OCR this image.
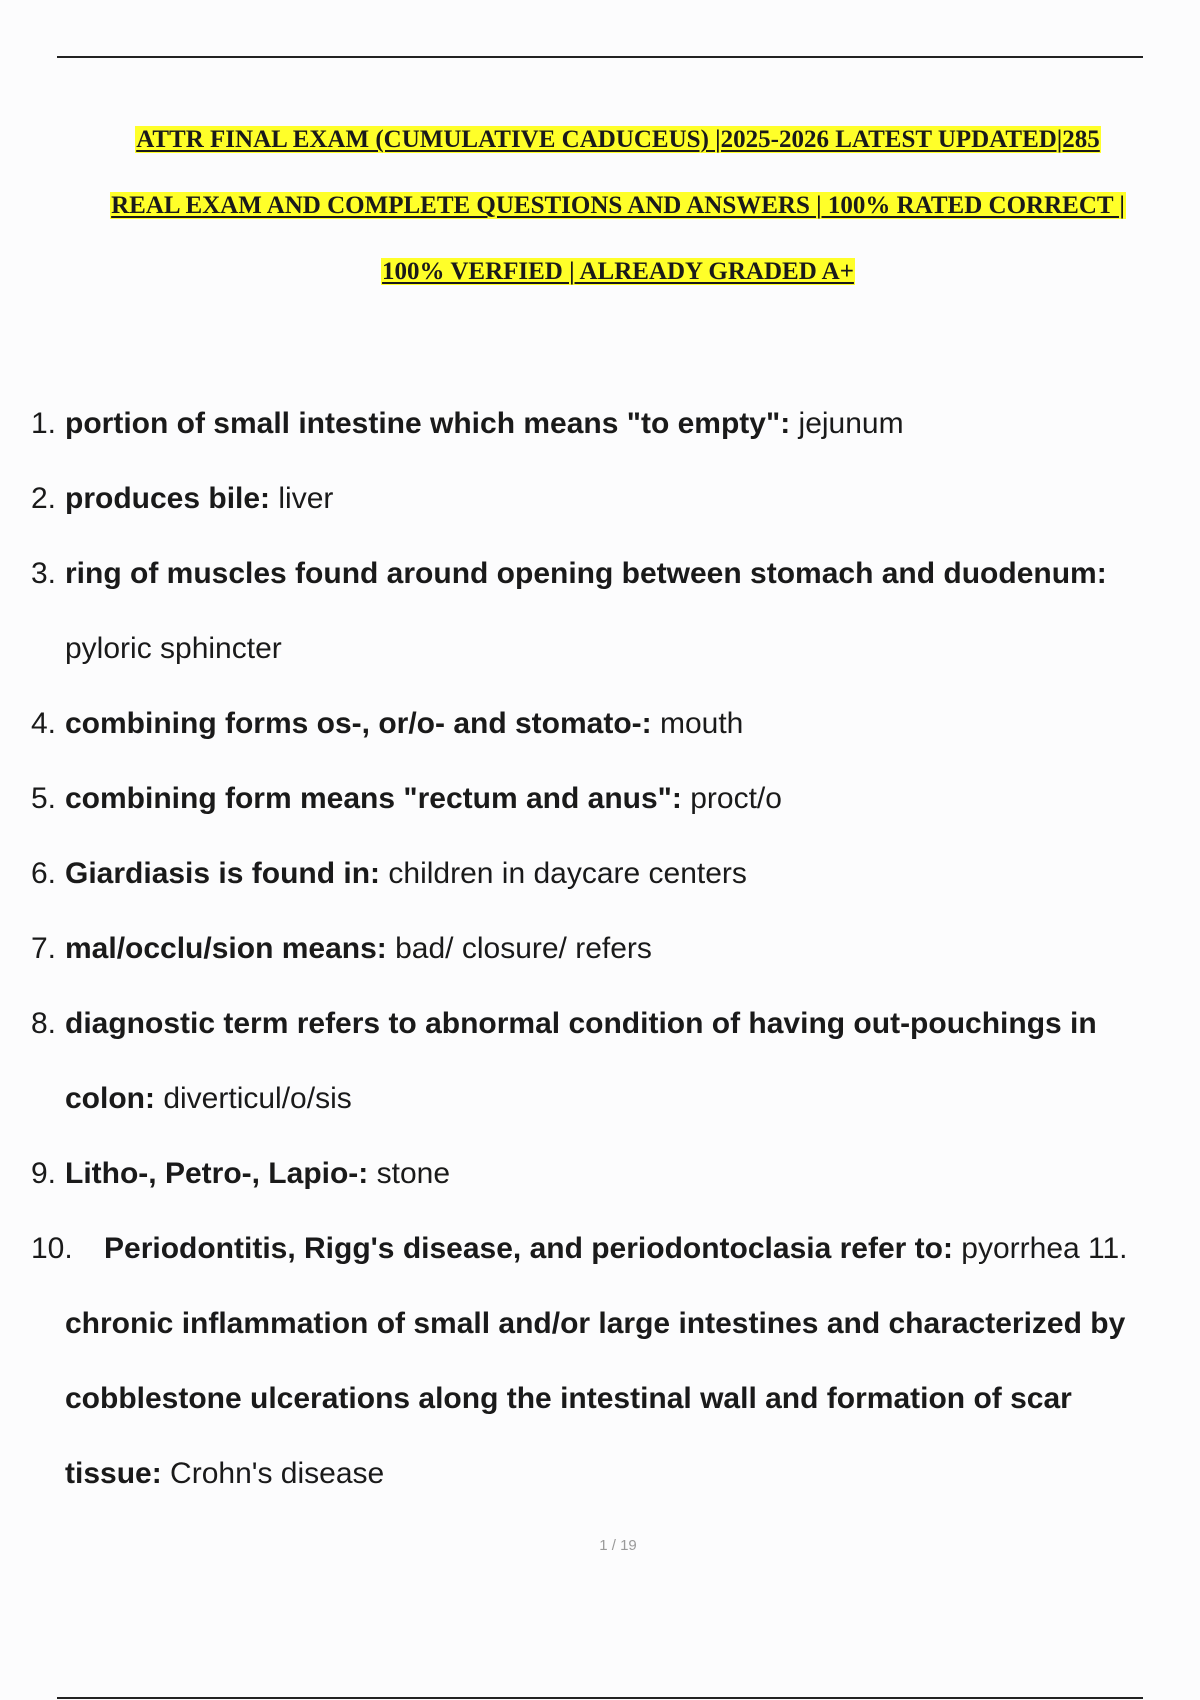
ATTR FINAL EXAM (CUMULATIVE CADUCEUS) |2025-2026 LATEST UPDATED|285
REAL EXAM AND COMPLETE QUESTIONS AND ANSWERS | 100% RATED CORRECT |
100% VERFIED | ALREADY GRADED A+
1. portion of small intestine which means "to empty": jejunum
2. produces bile: liver
3. ring of muscles found around opening between stomach and duodenum:
pyloric sphincter
4. combining forms os-, or/o- and stomato-: mouth
5. combining form means "rectum and anus": proct/o
6. Giardiasis is found in: children in daycare centers
7. mal/occlu/sion means: bad/ closure/ refers
8. diagnostic term refers to abnormal condition of having out-pouchings in
colon: diverticul/o/sis
9. Litho-, Petro-, Lapio-: stone
10. Periodontitis, Rigg's disease, and periodontoclasia refer to: pyorrhea 11.
chronic inflammation of small and/or large intestines and characterized by
cobblestone ulcerations along the intestinal wall and formation of scar
tissue: Crohn's disease
1 / 19
